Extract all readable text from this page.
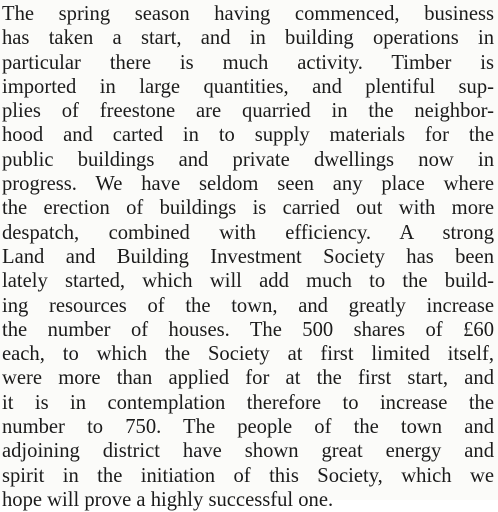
The spring season having commenced, business
has taken a start, and in building operations in
particular there is much activity. Timber is
imported in large quantities, and plentiful sup-
plies of freestone are quarried in the neighbor-
hood and carted in to supply materials for the
public buildings and private dwellings now in
progress. We have seldom seen any place where
the erection of buildings is carried out with more
despatch, combined with efficiency. A strong
Land and Building Investment Society has been
lately started, which will add much to the build-
ing resources of the town, and greatly increase
the number of houses. The 500 shares of £60
each, to which the Society at first limited itself,
were more than applied for at the first start, and
it is in contemplation therefore to increase the
number to 750. The people of the town and
adjoining district have shown great energy and
spirit in the initiation of this Society, which we
hope will prove a highly successful one.
